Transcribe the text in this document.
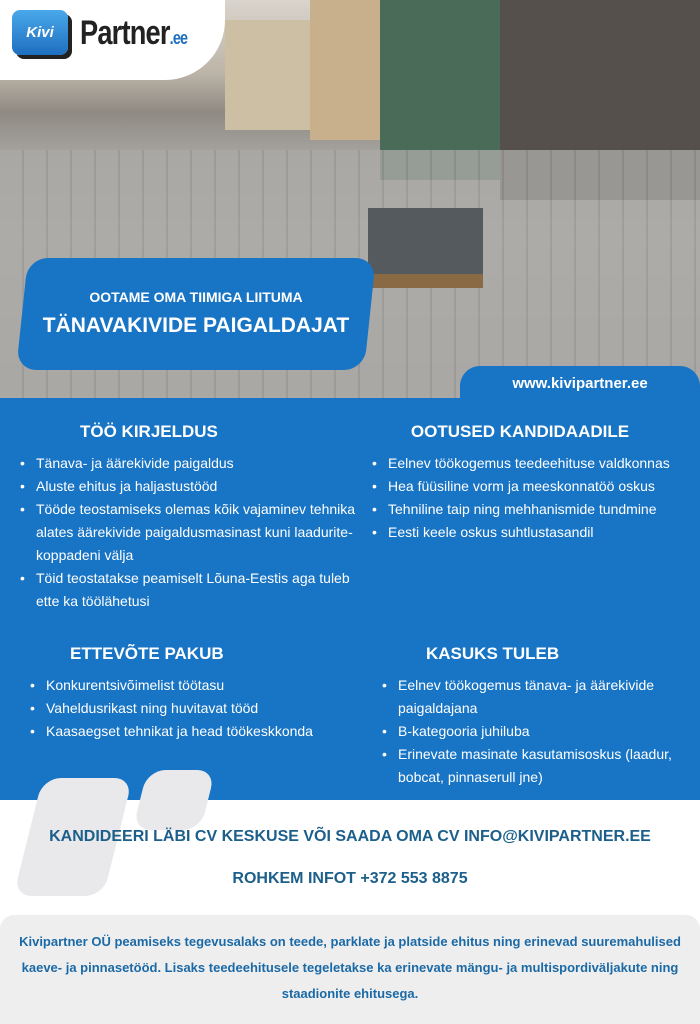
Kivi Partner.ee
OOTAME OMA TIIMIGA LIITUMA
TÄNAVAKIVIDE PAIGALDAJAT
www.kivipartner.ee
TÖÖ KIRJELDUS
• Tänava- ja äärekivide paigaldus
• Aluste ehitus ja haljastustööd
• Tööde teostamiseks olemas kõik vajaminev tehnika alates äärekivide paigaldusmasinast kuni laadurite-koppadeni välja
• Töid teostatakse peamiselt Lõuna-Eestis aga tuleb ette ka töölähetusi
OOTUSED KANDIDAADILE
• Eelnev töökogemus teedeehituse valdkonnas
• Hea füüsiline vorm ja meeskonnatöö oskus
• Tehniline taip ning mehhanismide tundmine
• Eesti keele oskus suhtlustasandil
ETTEVÕTE PAKUB
• Konkurentsivõimelist töötasu
• Vaheldusrikast ning huvitavat tööd
• Kaasaegset tehnikat ja head töökeskkonda
KASUKS TULEB
• Eelnev töökogemus tänava- ja äärekivide paigaldajana
• B-kategooria juhiluba
• Erinevate masinate kasutamisoskus (laadur, bobcat, pinnaserull jne)
KANDIDEERI LÄBI CV KESKUSE VÕI SAADA OMA CV INFO@KIVIPARTNER.EE
ROHKEM INFOT +372 553 8875
Kivipartner OÜ peamiseks tegevusalaks on teede, parklate ja platside ehitus ning erinevad suuremahulised kaeve- ja pinnasetööd. Lisaks teedeehitusele tegeletakse ka erinevate mängu- ja multispordiväljakute ning staadionite ehitusega.
